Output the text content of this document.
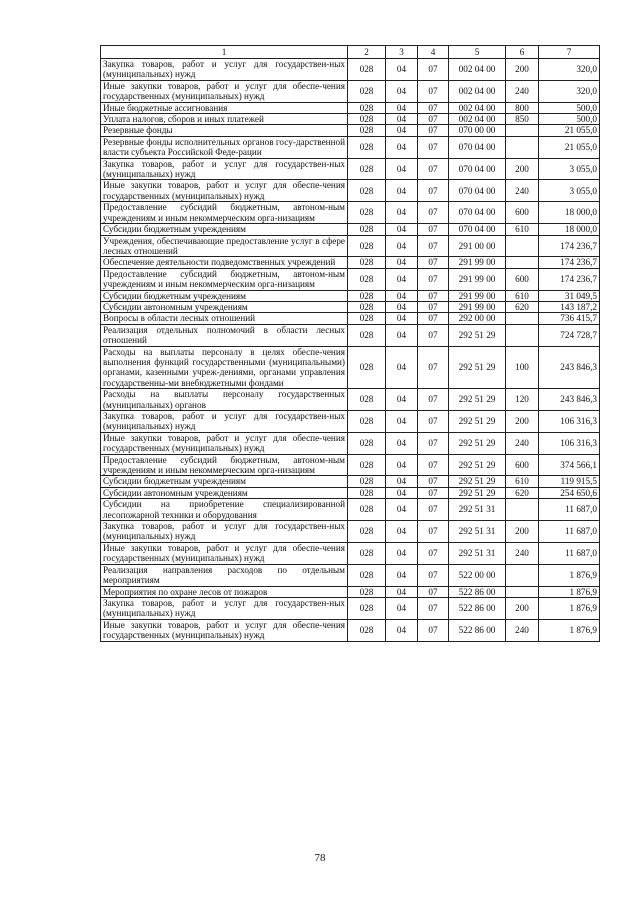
1	2	3	4	5	6	7
Закупка товаров, работ и услуг для государствен-ных (муниципальных) нужд	028	04	07	002 04 00	200	320,0
Иные закупки товаров, работ и услуг для обеспе-чения государственных (муниципальных) нужд	028	04	07	002 04 00	240	320,0
Иные бюджетные ассигнования	028	04	07	002 04 00	800	500,0
Уплата налогов, сборов и иных платежей	028	04	07	002 04 00	850	500,0
Резервные фонды	028	04	07	070 00 00		21 055,0
Резервные фонды исполнительных органов госу-дарственной власти субъекта Российской Феде-рации	028	04	07	070 04 00		21 055,0
Закупка товаров, работ и услуг для государствен-ных (муниципальных) нужд	028	04	07	070 04 00	200	3 055,0
Иные закупки товаров, работ и услуг для обеспе-чения государственных (муниципальных) нужд	028	04	07	070 04 00	240	3 055,0
Предоставление субсидий бюджетным, автоном-ным учреждениям и иным некоммерческим орга-низациям	028	04	07	070 04 00	600	18 000,0
Субсидии бюджетным учреждениям	028	04	07	070 04 00	610	18 000,0
Учреждения, обеспечивающие предоставление услуг в сфере лесных отношений	028	04	07	291 00 00		174 236,7
Обеспечение деятельности подведомственных учреждений	028	04	07	291 99 00		174 236,7
Предоставление субсидий бюджетным, автоном-ным учреждениям и иным некоммерческим орга-низациям	028	04	07	291 99 00	600	174 236,7
Субсидии бюджетным учреждениям	028	04	07	291 99 00	610	31 049,5
Субсидии автономным учреждениям	028	04	07	291 99 00	620	143 187,2
Вопросы в области лесных отношений	028	04	07	292 00 00		736 415,7
Реализация отдельных полномочий в области лесных отношений	028	04	07	292 51 29		724 728,7
Расходы на выплаты персоналу в целях обеспе-чения выполнения функций государственными (муниципальными) органами, казенными учреж-дениями, органами управления государственны-ми внебюджетными фондами	028	04	07	292 51 29	100	243 846,3
Расходы на выплаты персоналу государственных (муниципальных) органов	028	04	07	292 51 29	120	243 846,3
Закупка товаров, работ и услуг для государствен-ных (муниципальных) нужд	028	04	07	292 51 29	200	106 316,3
Иные закупки товаров, работ и услуг для обеспе-чения государственных (муниципальных) нужд	028	04	07	292 51 29	240	106 316,3
Предоставление субсидий бюджетным, автоном-ным учреждениям и иным некоммерческим орга-низациям	028	04	07	292 51 29	600	374 566,1
Субсидии бюджетным учреждениям	028	04	07	292 51 29	610	119 915,5
Субсидии автономным учреждениям	028	04	07	292 51 29	620	254 650,6
Субсидии на приобретение специализированной лесопожарной техники и оборудования	028	04	07	292 51 31		11 687,0
Закупка товаров, работ и услуг для государствен-ных (муниципальных) нужд	028	04	07	292 51 31	200	11 687,0
Иные закупки товаров, работ и услуг для обеспе-чения государственных (муниципальных) нужд	028	04	07	292 51 31	240	11 687,0
Реализация направления расходов по отдельным мероприятиям	028	04	07	522 00 00		1 876,9
Мероприятия по охране лесов от пожаров	028	04	07	522 86 00		1 876,9
Закупка товаров, работ и услуг для государствен-ных (муниципальных) нужд	028	04	07	522 86 00	200	1 876,9
Иные закупки товаров, работ и услуг для обеспе-чения государственных (муниципальных) нужд	028	04	07	522 86 00	240	1 876,9
78
